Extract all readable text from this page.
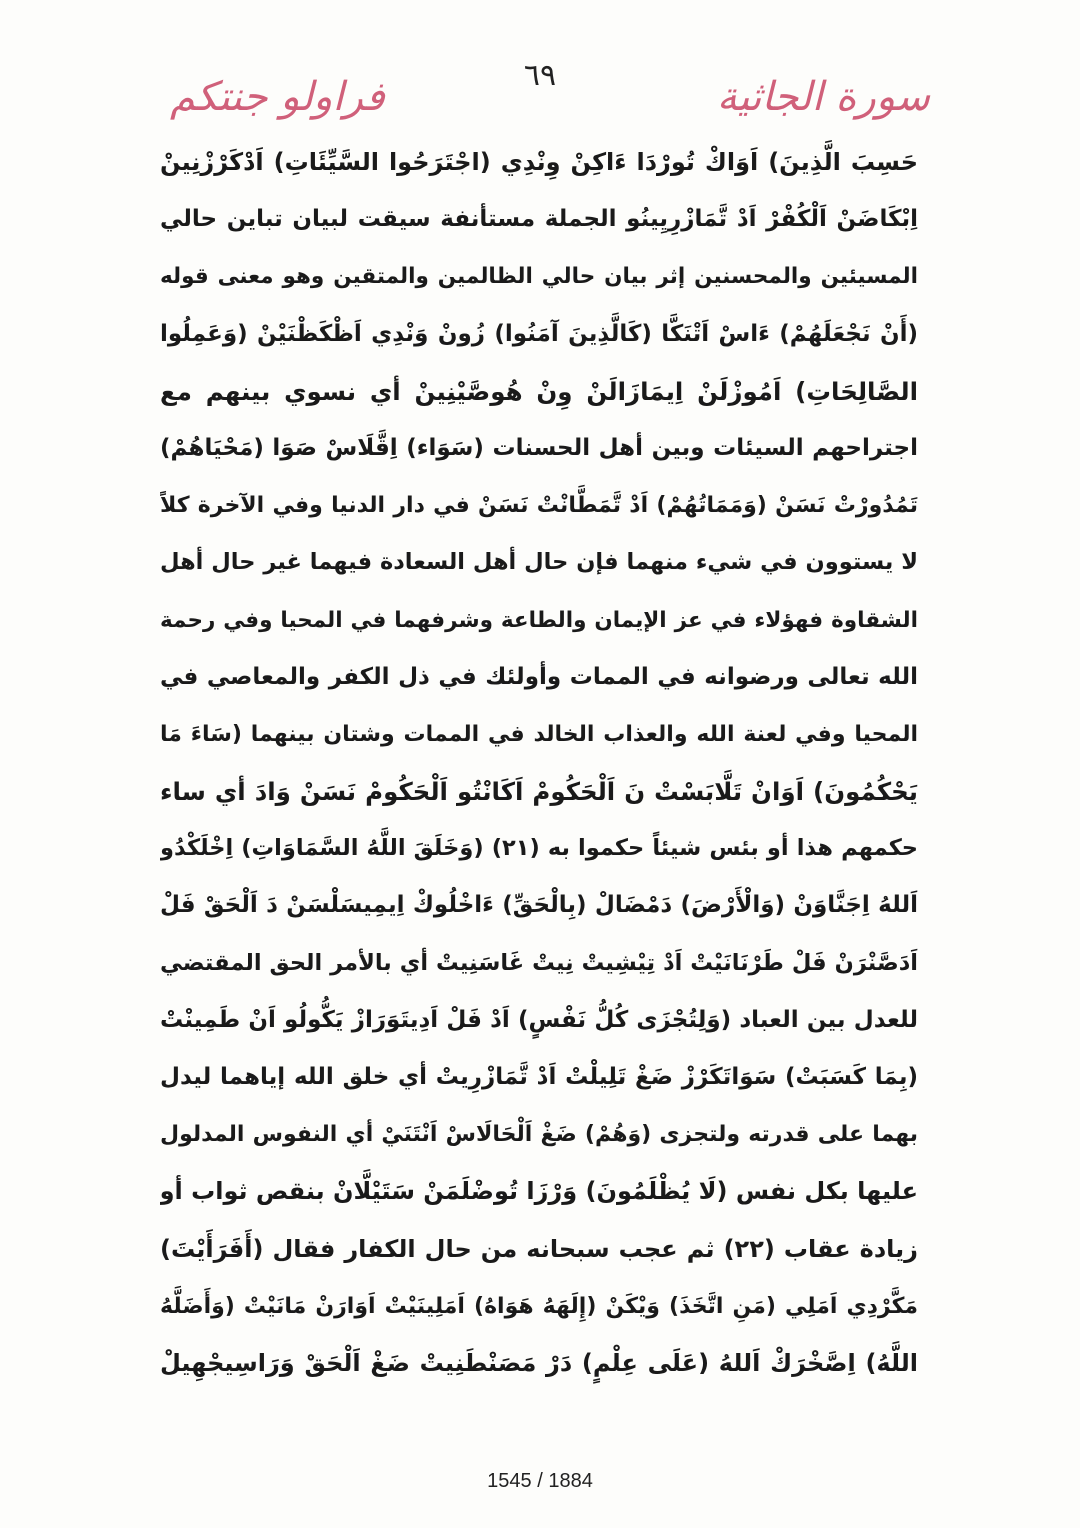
فراولو جنتكم	٦٩	سورة الجاثية
حَسِبَ الَّذِينَ) اَوَاكْ تُورْدَا ءَاكِنْ وِنْدِي (اجْتَرَحُوا السَّيِّئَاتِ) اَدْكَرْزْنِينْ
اِبْكَاضَنْ اَلْكُفْرْ اَدْ تَّمَازْرِيِينُو الجملة مستأنفة سيقت لبيان تباين حالي
المسيئين والمحسنين إثر بيان حالي الظالمين والمتقين وهو معنى قوله
(أَنْ نَجْعَلَهُمْ) ءَاسْ اَتْنَكَّا (كَالَّذِينَ آمَنُوا) زُونْ وَنْدِي اَظْكَظْنَيْنْ (وَعَمِلُوا
الصَّالِحَاتِ) اَمُوزْلَنْ اِيمَازَالَنْ وِنْ هُوصَّيْنِينْ أي نسوي بينهم مع
اجتراحهم السيئات وبين أهل الحسنات (سَوَاء) اِقَّلَاسْ صَوَا (مَحْيَاهُمْ)
تَمُدُورْتْ نَسَنْ (وَمَمَاتُهُمْ) اَدْ تَّمَطَّانْتْ نَسَنْ في دار الدنيا وفي الآخرة كلاً
لا يستوون في شيء منهما فإن حال أهل السعادة فيهما غير حال أهل
الشقاوة فهؤلاء في عز الإيمان والطاعة وشرفهما في المحيا وفي رحمة
الله تعالى ورضوانه في الممات وأولئك في ذل الكفر والمعاصي في
المحيا وفي لعنة الله والعذاب الخالد في الممات وشتان بينهما (سَاءَ مَا
يَحْكُمُونَ) اَوَانْ تَلَّابَسْتْ نَ اَلْحَكُومْ اَكَانْتُو اَلْحَكُومْ نَسَنْ وَادَ أي ساء
حكمهم هذا أو بئس شيئاً حكموا به (٢١) (وَخَلَقَ اللَّهُ السَّمَاوَاتِ) اِخْلَكْدُو
اَللهُ اِجَنَّاوَنْ (وَالْأَرْضَ) دَمْضَالْ (بِالْحَقِّ) ءَاخْلُوكْ اِيمِيسَلْسَنْ دَ اَلْحَقْ فَلْ
اَدَصَّنْرَنْ فَلْ طَرْنَانَيْتْ اَدْ تِيْشِيتْ نِيتْ غَاسَنِيتْ أي بالأمر الحق المقتضي
للعدل بين العباد (وَلِتُجْزَى كُلُّ نَفْسٍ) اَدْ فَلْ اَدِيتَوَرَازْ يَكُّولُو اَنْ طَمِينْتْ
(بِمَا كَسَبَتْ) سَوَاتَكَرْزْ ضَغْ تَلِيلْتْ اَدْ تَّمَازْرِيتْ أي خلق الله إياهما ليدل
بهما على قدرته ولتجزى (وَهُمْ) ضَغْ اَلْحَالَاسْ اَنْتَنَيْ أي النفوس المدلول
عليها بكل نفس (لَا يُظْلَمُونَ) وَرْزَا تُوضْلَمَنْ سَتَيْلَّانْ بنقص ثواب أو
زيادة عقاب (٢٢) ثم عجب سبحانه من حال الكفار فقال (أَفَرَأَيْتَ)
مَكَّرْدِي اَمَلِي (مَنِ اتَّخَذَ) وَيْكَنْ (إِلَهَهُ هَوَاهُ) اَمَلِينَيْتْ اَوَارَنْ مَانَيْتْ (وَأَضَلَّهُ
اللَّهُ) اِصَّخْرَكْ اَللهُ (عَلَى عِلْمٍ) دَرْ مَصَنْطَنِيتْ ضَغْ اَلْحَقْ وَرَاسِيجْهِيلْ
1545 / 1884
